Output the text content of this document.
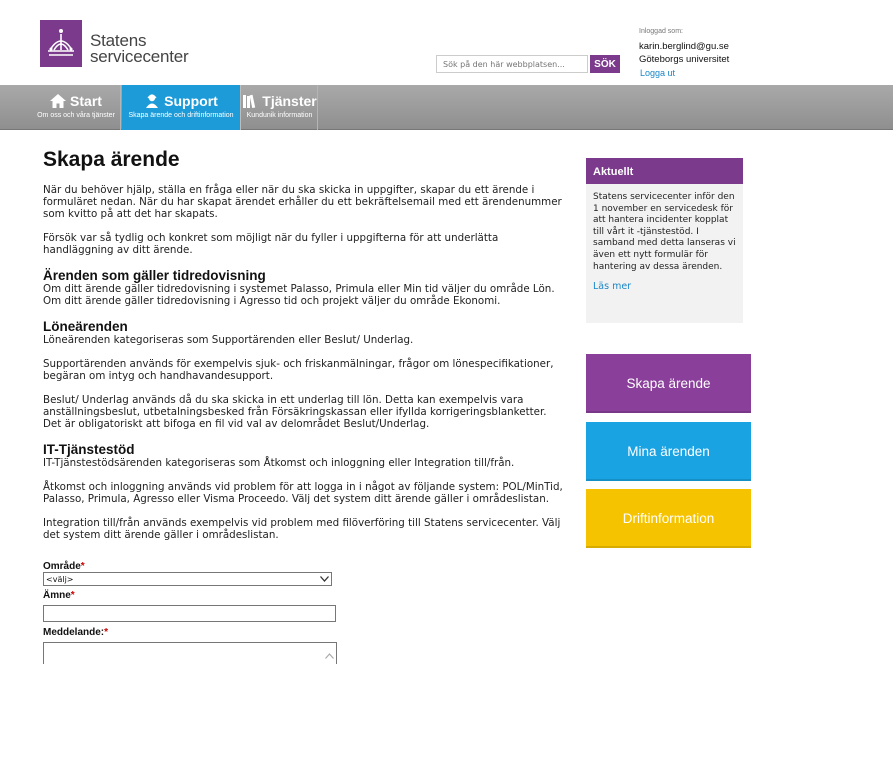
Statens
servicecenter
Sök på den här webbplatsen...	SÖK
Inloggad som:
karin.berglind@gu.se
Göteborgs universitet
Logga ut
Start
Om oss och våra tjänster
Support
Skapa ärende och driftinformation
Tjänster
Kundunik information
Skapa ärende

När du behöver hjälp, ställa en fråga eller när du ska skicka in uppgifter, skapar du ett ärende i formuläret nedan. När du har skapat ärendet erhåller du ett bekräftelsemail med ett ärendenummer som kvitto på att det har skapats.

Försök var så tydlig och konkret som möjligt när du fyller i uppgifterna för att underlätta handläggning av ditt ärende.

Ärenden som gäller tidredovisning

Om ditt ärende gäller tidredovisning i systemet Palasso, Primula eller Min tid väljer du område Lön. Om ditt ärende gäller tidredovisning i Agresso tid och projekt väljer du område Ekonomi.

Löneärenden

Löneärenden kategoriseras som Supportärenden eller Beslut/ Underlag.

Supportärenden används för exempelvis sjuk- och friskanmälningar, frågor om lönespecifikationer, begäran om intyg och handhavandesupport.

Beslut/ Underlag används då du ska skicka in ett underlag till lön. Detta kan exempelvis vara anställningsbeslut, utbetalningsbesked från Försäkringskassan eller ifyllda korrigeringsblanketter. Det är obligatoriskt att bifoga en fil vid val av delområdet Beslut/Underlag.

IT-Tjänstestöd

IT-Tjänstestödsärenden kategoriseras som Åtkomst och inloggning eller Integration till/från.

Åtkomst och inloggning används vid problem för att logga in i något av följande system: POL/MinTid, Palasso, Primula, Agresso eller Visma Proceedo. Välj det system ditt ärende gäller i områdeslistan.

Integration till/från används exempelvis vid problem med filöverföring till Statens servicecenter. Välj det system ditt ärende gäller i områdeslistan.

Område*
<välj>
Ämne*
Meddelande:*
Aktuellt
Statens servicecenter inför den 1 november en servicedesk för att hantera incidenter kopplat till vårt it -tjänstestöd. I samband med detta lanseras vi även ett nytt formulär för hantering av dessa ärenden.
Läs mer
Skapa ärende
Mina ärenden
Driftinformation
